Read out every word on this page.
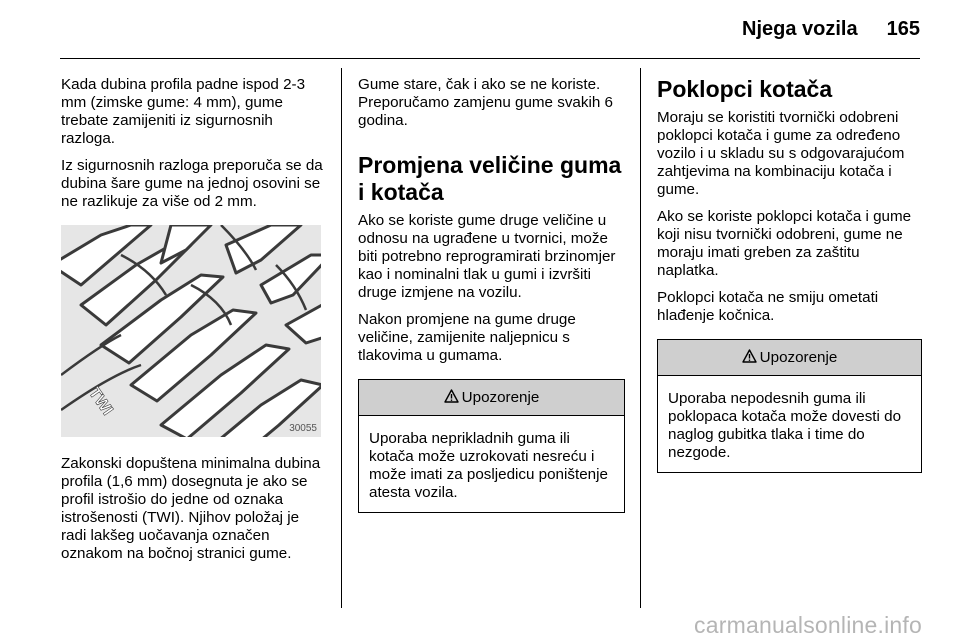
Njega vozila 165

Kada dubina profila padne ispod 2-3 mm (zimske gume: 4 mm), gume trebate zamijeniti iz sigurnosnih razloga.

Iz sigurnosnih razloga preporuča se da dubina šare gume na jednoj osovini se ne razlikuje za više od 2 mm.

TWI
30055

Zakonski dopuštena minimalna dubina profila (1,6 mm) dosegnuta je ako se profil istrošio do jedne od oznaka istrošenosti (TWI). Njihov položaj je radi lakšeg uočavanja označen oznakom na bočnoj stranici gume.

Gume stare, čak i ako se ne koriste. Preporučamo zamjenu gume svakih 6 godina.

Promjena veličine guma i kotača

Ako se koriste gume druge veličine u odnosu na ugrađene u tvornici, može biti potrebno reprogramirati brzinomjer kao i nominalni tlak u gumi i izvršiti druge izmjene na vozilu.

Nakon promjene na gume druge veličine, zamijenite naljepnicu s tlakovima u gumama.

Upozorenje

Uporaba neprikladnih guma ili kotača može uzrokovati nesreću i može imati za posljedicu poništenje atesta vozila.

Poklopci kotača

Moraju se koristiti tvornički odobreni poklopci kotača i gume za određeno vozilo i u skladu su s odgovarajućom zahtjevima na kombinaciju kotača i gume.

Ako se koriste poklopci kotača i gume koji nisu tvornički odobreni, gume ne moraju imati greben za zaštitu naplatka.

Poklopci kotača ne smiju ometati hlađenje kočnica.

Upozorenje

Uporaba nepodesnih guma ili poklopaca kotača može dovesti do naglog gubitka tlaka i time do nezgode.

carmanualsonline.info
